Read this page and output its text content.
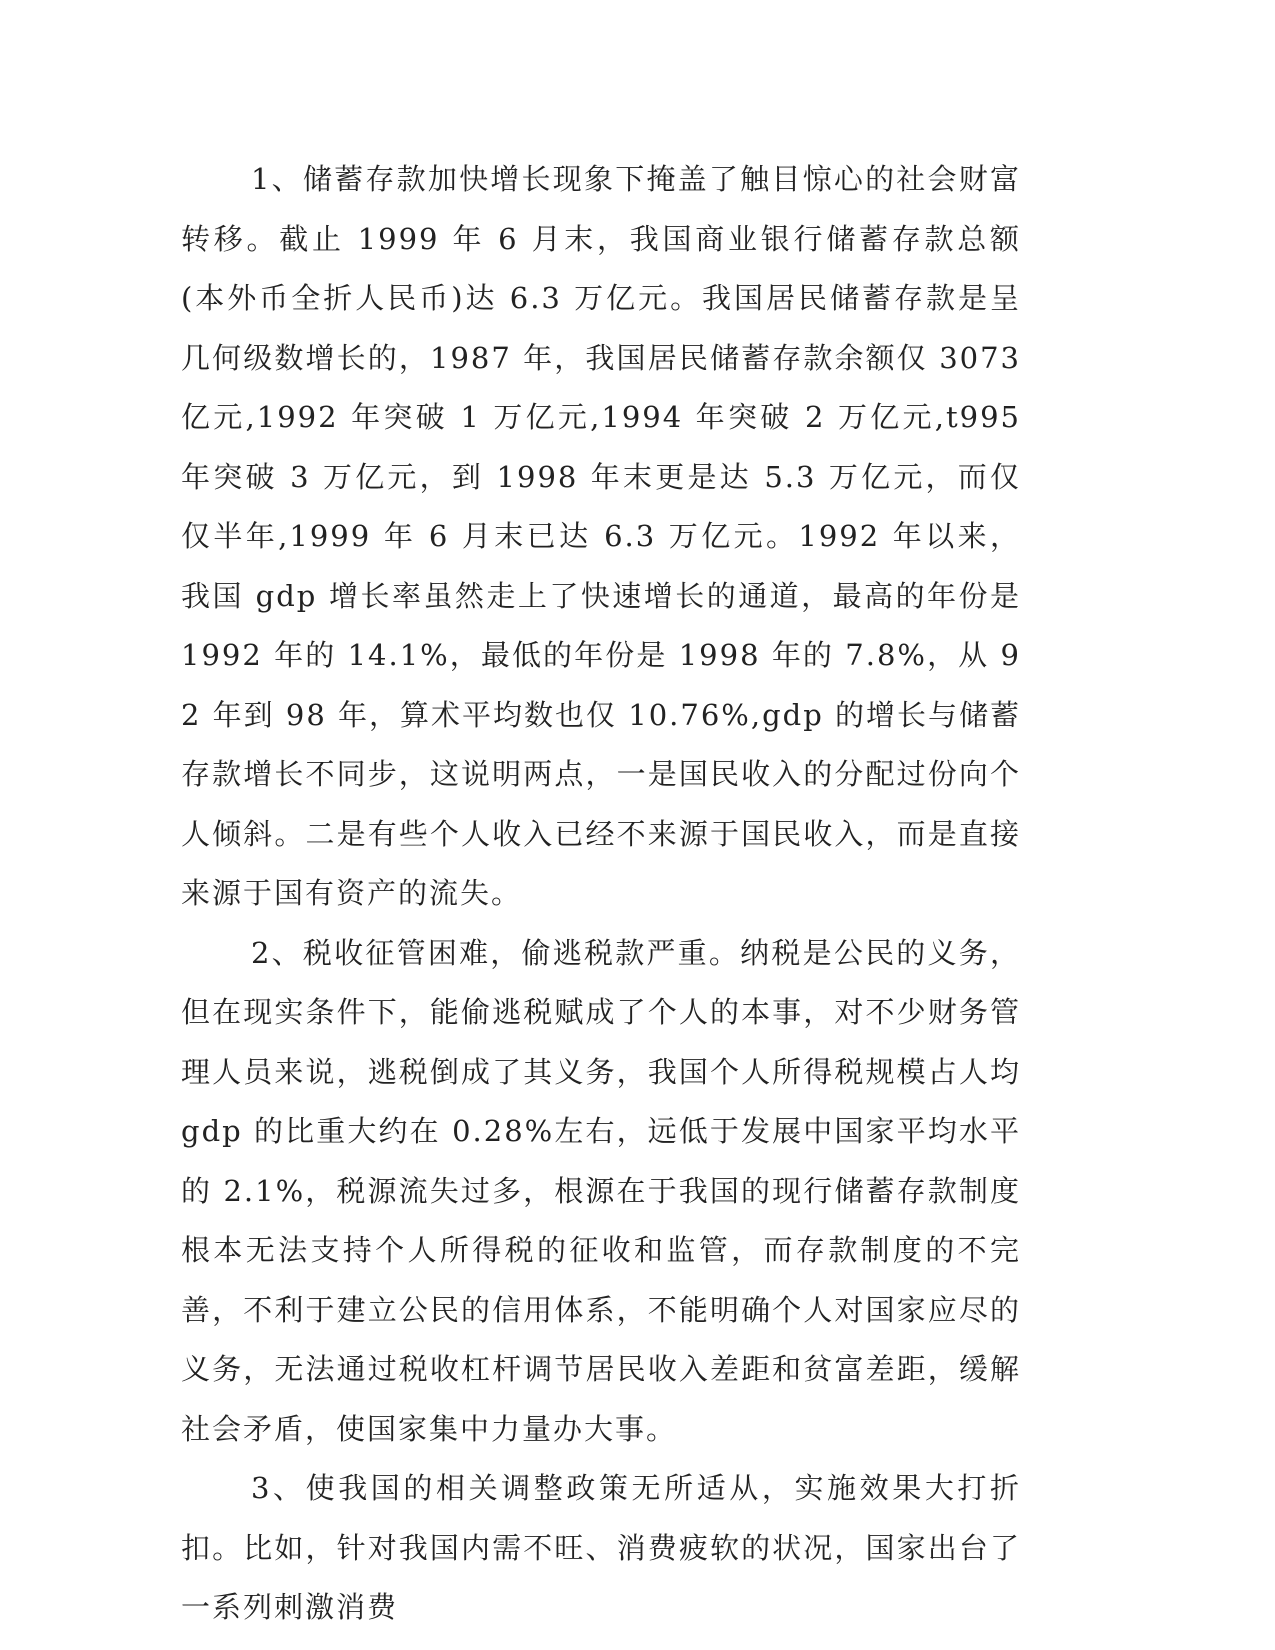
1、储蓄存款加快增长现象下掩盖了触目惊心的社会财富转移。截止 1999 年 6 月末，我国商业银行储蓄存款总额(本外币全折人民币)达 6.3 万亿元。我国居民储蓄存款是呈几何级数增长的，1987 年，我国居民储蓄存款余额仅 3073 亿元,1992 年突破 1 万亿元,1994 年突破 2 万亿元,t995 年突破 3 万亿元，到 1998 年末更是达 5.3 万亿元，而仅仅半年,1999 年 6 月末已达 6.3 万亿元。1992 年以来，我国 gdp 增长率虽然走上了快速增长的通道，最高的年份是 1992 年的 14.1%，最低的年份是 1998 年的 7.8%，从 92 年到 98 年，算术平均数也仅 10.76%,gdp 的增长与储蓄存款增长不同步，这说明两点，一是国民收入的分配过份向个人倾斜。二是有些个人收入已经不来源于国民收入，而是直接来源于国有资产的流失。

2、税收征管困难，偷逃税款严重。纳税是公民的义务，但在现实条件下，能偷逃税赋成了个人的本事，对不少财务管理人员来说，逃税倒成了其义务，我国个人所得税规模占人均 gdp 的比重大约在 0.28%左右，远低于发展中国家平均水平的 2.1%，税源流失过多，根源在于我国的现行储蓄存款制度根本无法支持个人所得税的征收和监管，而存款制度的不完善，不利于建立公民的信用体系，不能明确个人对国家应尽的义务，无法通过税收杠杆调节居民收入差距和贫富差距，缓解社会矛盾，使国家集中力量办大事。

3、使我国的相关调整政策无所适从，实施效果大打折扣。比如，针对我国内需不旺、消费疲软的状况，国家出台了一系列刺激消费
